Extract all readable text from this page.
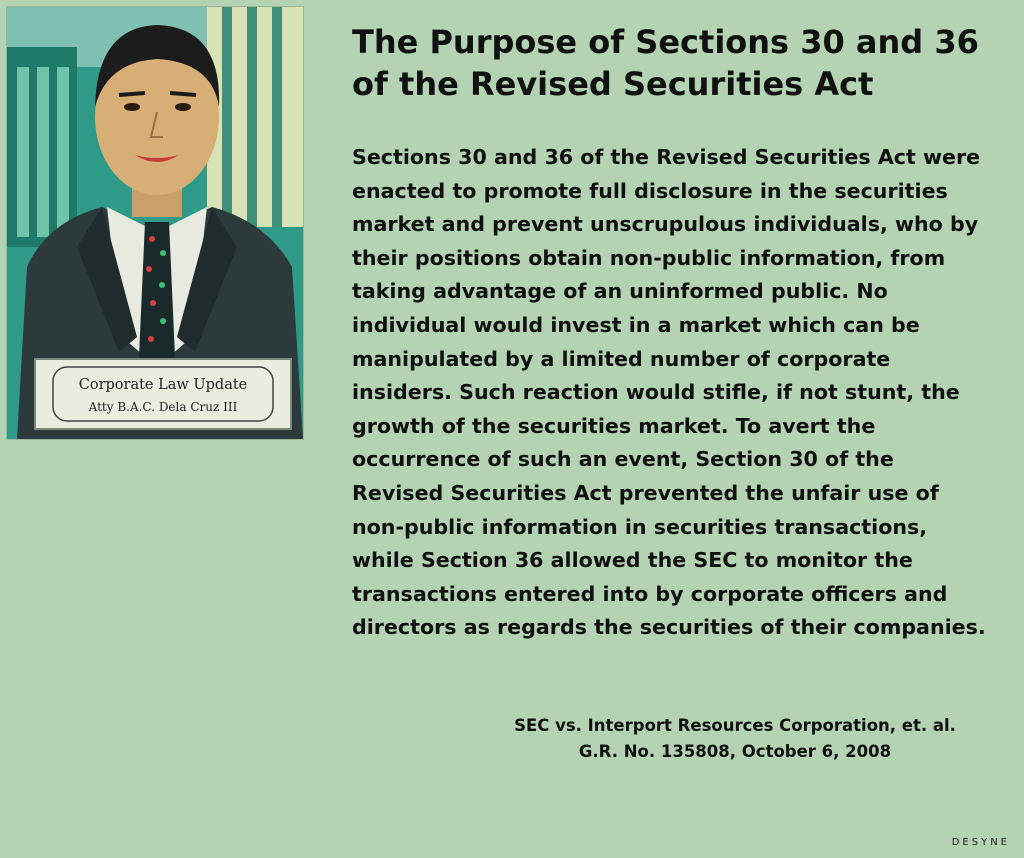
Corporate Law Update
Atty B.A.C. Dela Cruz III
The Purpose of Sections 30 and 36 of the Revised Securities Act

Sections 30 and 36 of the Revised Securities Act were enacted to promote full disclosure in the securities market and prevent unscrupulous individuals, who by their positions obtain non-public information, from taking advantage of an uninformed public. No individual would invest in a market which can be manipulated by a limited number of corporate insiders. Such reaction would stifle, if not stunt, the growth of the securities market. To avert the occurrence of such an event, Section 30 of the Revised Securities Act prevented the unfair use of non-public information in securities transactions, while Section 36 allowed the SEC to monitor the transactions entered into by corporate officers and directors as regards the securities of their companies.

SEC vs. Interport Resources Corporation, et. al.
G.R. No. 135808, October 6, 2008
DESYNE
